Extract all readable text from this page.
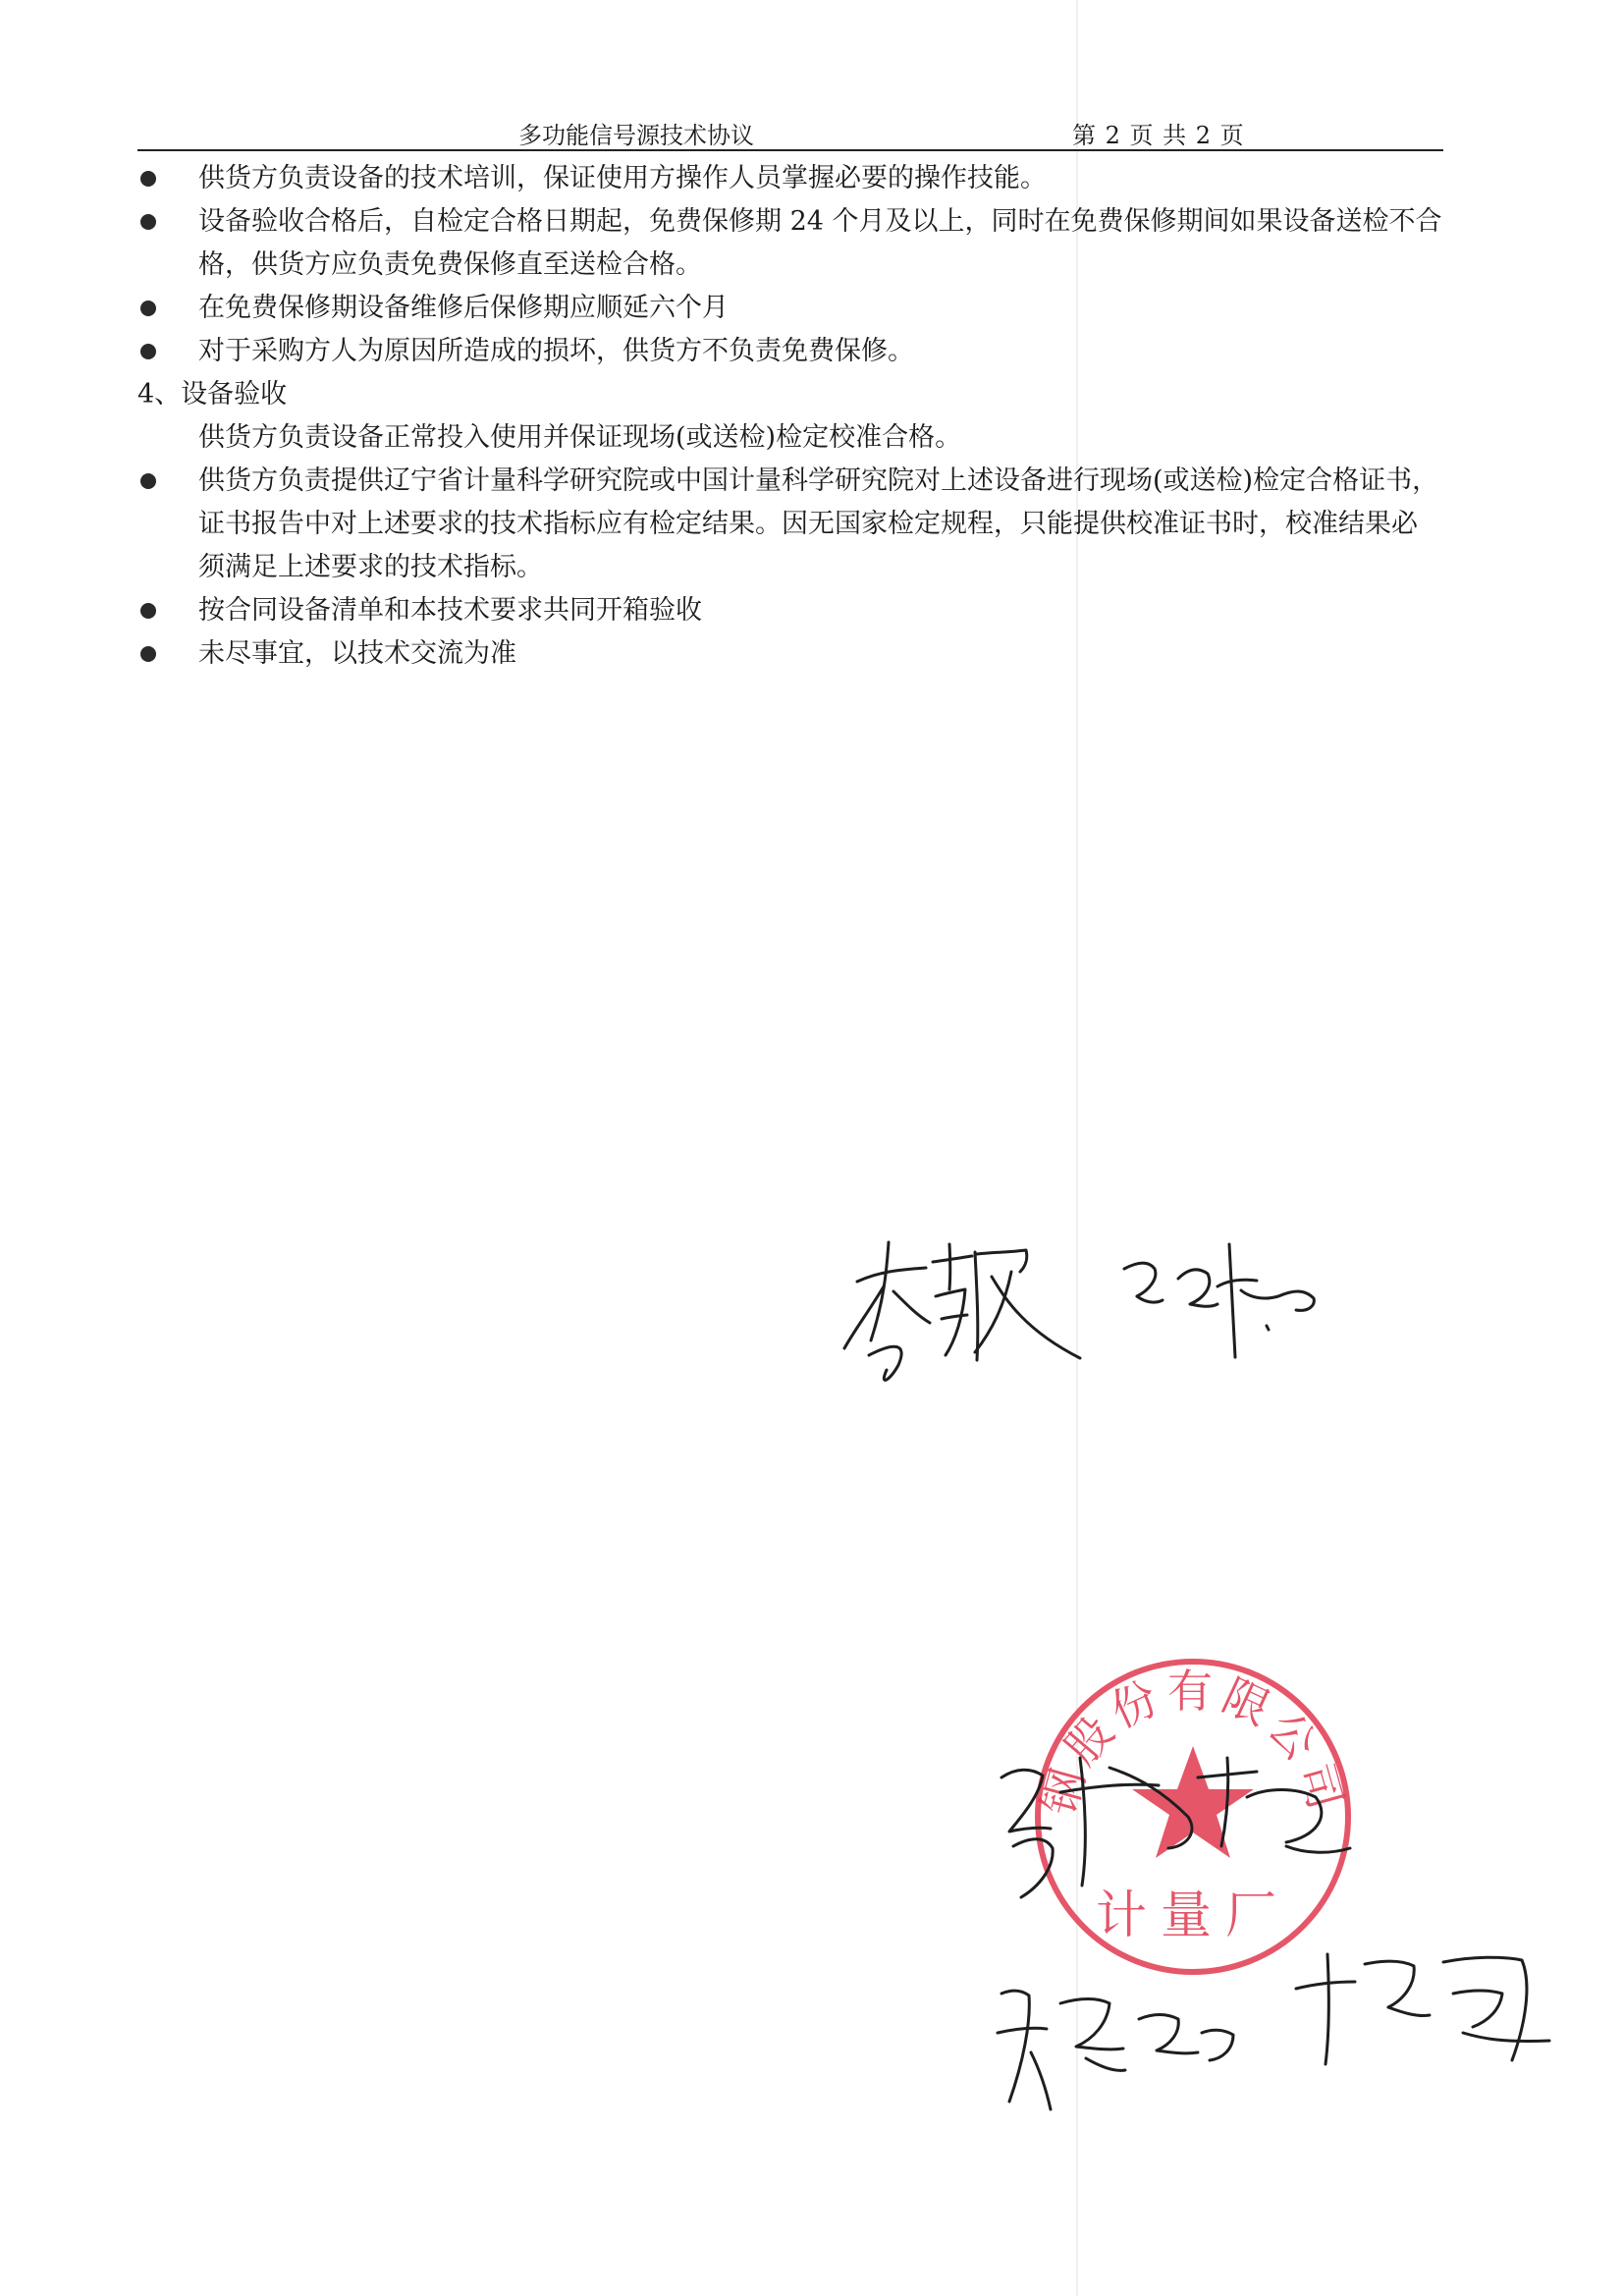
多功能信号源技术协议	第 2 页 共 2 页
供货方负责设备的技术培训，保证使用方操作人员掌握必要的操作技能。
设备验收合格后，自检定合格日期起，免费保修期 24 个月及以上，同时在免费保修期间如果设备送检不合格，供货方应负责免费保修直至送检合格。
在免费保修期设备维修后保修期应顺延六个月
对于采购方人为原因所造成的损坏，供货方不负责免费保修。
4、设备验收
供货方负责设备正常投入使用并保证现场(或送检)检定校准合格。
供货方负责提供辽宁省计量科学研究院或中国计量科学研究院对上述设备进行现场(或送检)检定合格证书，证书报告中对上述要求的技术指标应有检定结果。因无国家检定规程，只能提供校准证书时，校准结果必须满足上述要求的技术指标。
按合同设备清单和本技术要求共同开箱验收
未尽事宜，以技术交流为准
钢股份有限公司
计量厂
